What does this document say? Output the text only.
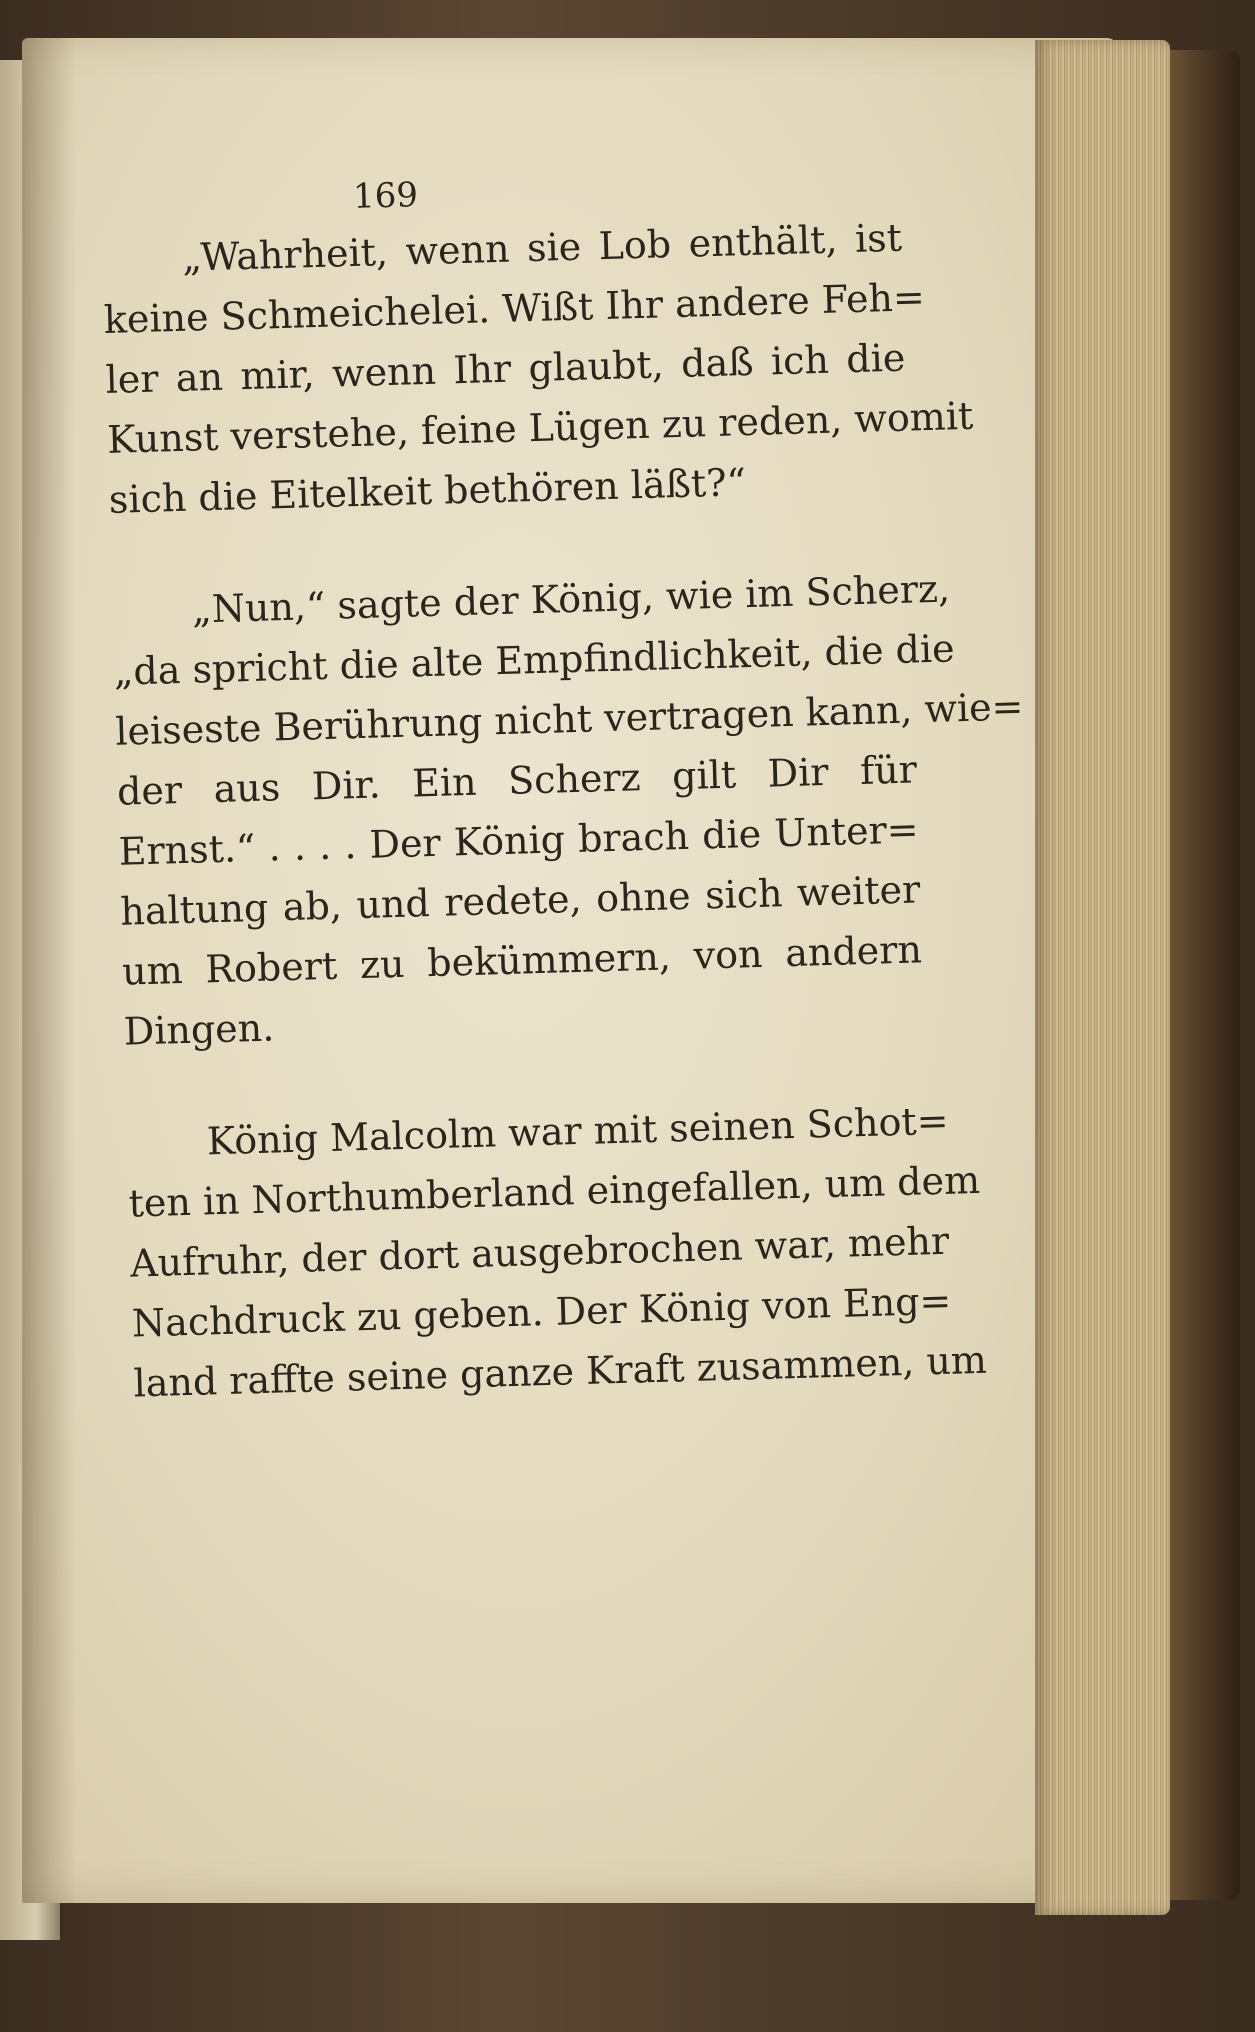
169
„Wahrheit, wenn sie Lob enthält, ist
keine Schmeichelei. Wißt Ihr andere Feh=
ler an mir, wenn Ihr glaubt, daß ich die
Kunst verstehe, feine Lügen zu reden, womit
sich die Eitelkeit bethören läßt?“
„Nun,“ sagte der König, wie im Scherz,
„da spricht die alte Empfindlichkeit, die die
leiseste Berührung nicht vertragen kann, wie=
der aus Dir. Ein Scherz gilt Dir für
Ernst.“ . . . . Der König brach die Unter=
haltung ab, und redete, ohne sich weiter
um Robert zu bekümmern, von andern
Dingen.
König Malcolm war mit seinen Schot=
ten in Northumberland eingefallen, um dem
Aufruhr, der dort ausgebrochen war, mehr
Nachdruck zu geben. Der König von Eng=
land raffte seine ganze Kraft zusammen, um
